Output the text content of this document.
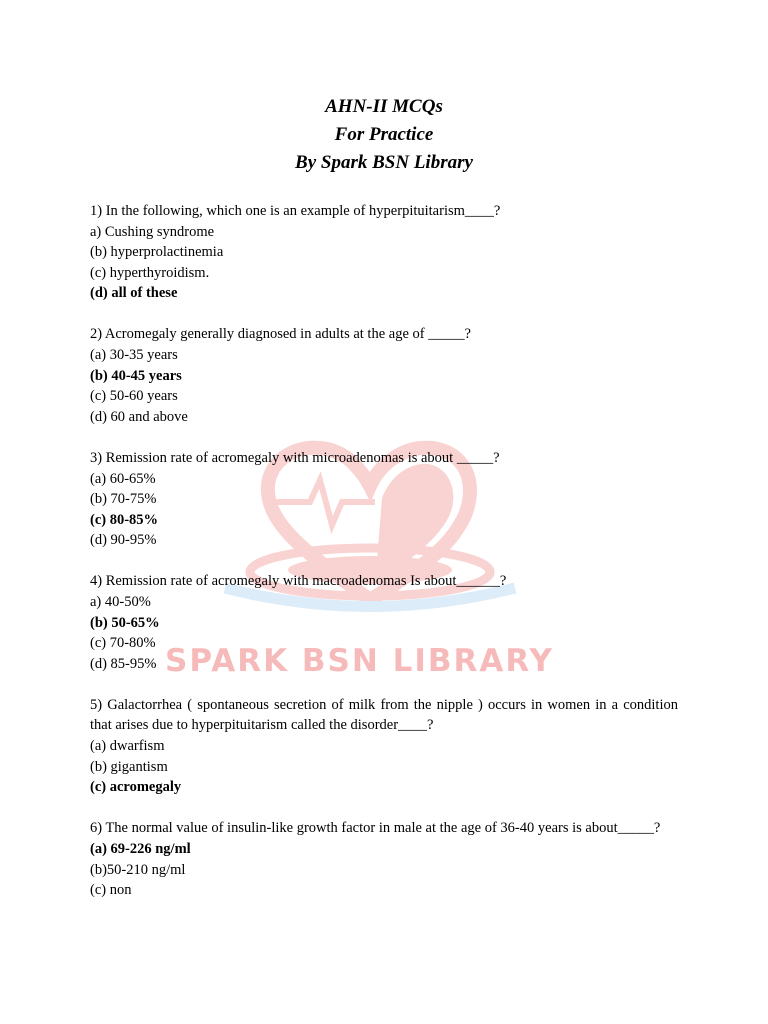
SPARK BSN LIBRARY
AHN-II MCQs
For Practice
By Spark BSN Library
1) In the following, which one is an example of hyperpituitarism____?
a) Cushing syndrome
(b) hyperprolactinemia
(c) hyperthyroidism.
(d) all of these
2) Acromegaly generally diagnosed in adults at the age of _____?
(a) 30-35 years
(b) 40-45 years
(c) 50-60 years
(d) 60 and above
3) Remission rate of acromegaly with microadenomas is about _____?
(a) 60-65%
(b) 70-75%
(c) 80-85%
(d) 90-95%
4) Remission rate of acromegaly with macroadenomas Is about______?
a) 40-50%
(b) 50-65%
(c) 70-80%
(d) 85-95%
5) Galactorrhea ( spontaneous secretion of milk from the nipple ) occurs in women in a condition that arises due to hyperpituitarism called the disorder____?
(a) dwarfism
(b) gigantism
(c) acromegaly
6) The normal value of insulin-like growth factor in male at the age of 36-40 years is about_____?
(a) 69-226 ng/ml
(b)50-210 ng/ml
(c) non
